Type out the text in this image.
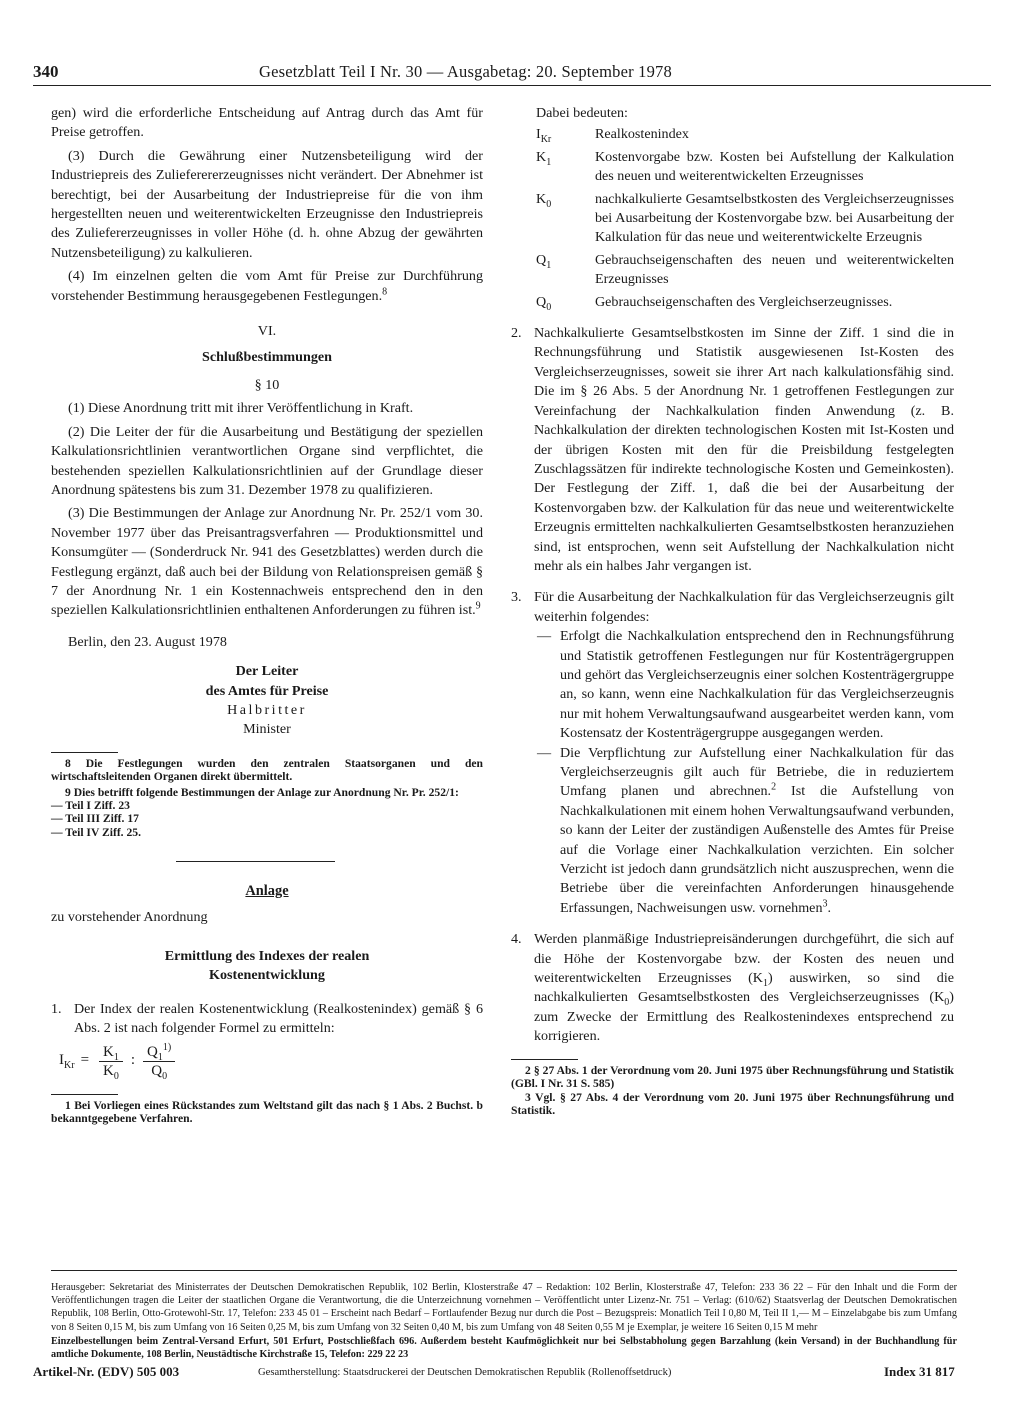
340	Gesetzblatt Teil I Nr. 30 — Ausgabetag: 20. September 1978

gen) wird die erforderliche Entscheidung auf Antrag durch das Amt für Preise getroffen.

(3) Durch die Gewährung einer Nutzensbeteiligung wird der Industriepreis des Zulieferererzeugnisses nicht verändert. Der Abnehmer ist berechtigt, bei der Ausarbeitung der Industriepreise für die von ihm hergestellten neuen und weiterentwickelten Erzeugnisse den Industriepreis des Zuliefererzeugnisses in voller Höhe (d. h. ohne Abzug der gewährten Nutzensbeteiligung) zu kalkulieren.

(4) Im einzelnen gelten die vom Amt für Preise zur Durchführung vorstehender Bestimmung herausgegebenen Festlegungen.$^8$

VI.

Schlußbestimmungen

§ 10

(1) Diese Anordnung tritt mit ihrer Veröffentlichung in Kraft.

(2) Die Leiter der für die Ausarbeitung und Bestätigung der speziellen Kalkulationsrichtlinien verantwortlichen Organe sind verpflichtet, die bestehenden speziellen Kalkulationsrichtlinien auf der Grundlage dieser Anordnung spätestens bis zum 31. Dezember 1978 zu qualifizieren.

(3) Die Bestimmungen der Anlage zur Anordnung Nr. Pr. 252/1 vom 30. November 1977 über das Preisantragsverfahren — Produktionsmittel und Konsumgüter — (Sonderdruck Nr. 941 des Gesetzblattes) werden durch die Festlegung ergänzt, daß auch bei der Bildung von Relationspreisen gemäß § 7 der Anordnung Nr. 1 ein Kostennachweis entsprechend den in den speziellen Kalkulationsrichtlinien enthaltenen Anforderungen zu führen ist.$^9$

Berlin, den 23. August 1978

Der Leiter

des Amtes für Preise

Halbritter

Minister

8 Die Festlegungen wurden den zentralen Staatsorganen und den wirtschaftsleitenden Organen direkt übermittelt.

9 Dies betrifft folgende Bestimmungen der Anlage zur Anordnung Nr. Pr. 252/1:

— Teil I Ziff. 23

— Teil III Ziff. 17

— Teil IV Ziff. 25.

Anlage

zu vorstehender Anordnung

Ermittlung des Indexes der realen Kostenentwicklung

1. Der Index der realen Kostenentwicklung (Realkostenindex) gemäß § 6 Abs. 2 ist nach folgender Formel zu ermitteln:

$I_{Kr} = \frac{K_1}{K_0}$ : $\frac{Q_1^{1)}}{Q_0}$

1 Bei Vorliegen eines Rückstandes zum Weltstand gilt das nach § 1 Abs. 2 Buchst. b bekanntgegebene Verfahren.

Dabei bedeuten:

$I_{Kr}$	Realkostenindex
$K_1$	Kostenvorgabe bzw. Kosten bei Aufstellung der Kalkulation des neuen und weiterentwickelten Erzeugnisses
$K_0$	nachkalkulierte Gesamtselbstkosten des Vergleichserzeugnisses bei Ausarbeitung der Kostenvorgabe bzw. bei Ausarbeitung der Kalkulation für das neue und weiterentwickelte Erzeugnis
$Q_1$	Gebrauchseigenschaften des neuen und weiterentwickelten Erzeugnisses
$Q_0$	Gebrauchseigenschaften des Vergleichserzeugnisses.
2. Nachkalkulierte Gesamtselbstkosten im Sinne der Ziff. 1 sind die in Rechnungsführung und Statistik ausgewiesenen Ist-Kosten des Vergleichserzeugnisses, soweit sie ihrer Art nach kalkulationsfähig sind. Die im § 26 Abs. 5 der Anordnung Nr. 1 getroffenen Festlegungen zur Vereinfachung der Nachkalkulation finden Anwendung (z. B. Nachkalkulation der direkten technologischen Kosten mit Ist-Kosten und der übrigen Kosten mit den für die Preisbildung festgelegten Zuschlagssätzen für indirekte technologische Kosten und Gemeinkosten). Der Festlegung der Ziff. 1, daß die bei der Ausarbeitung der Kostenvorgaben bzw. der Kalkulation für das neue und weiterentwickelte Erzeugnis ermittelten nachkalkulierten Gesamtselbstkosten heranzuziehen sind, ist entsprochen, wenn seit Aufstellung der Nachkalkulation nicht mehr als ein halbes Jahr vergangen ist.

3. Für die Ausarbeitung der Nachkalkulation für das Vergleichserzeugnis gilt weiterhin folgendes:

— Erfolgt die Nachkalkulation entsprechend den in Rechnungsführung und Statistik getroffenen Festlegungen nur für Kostenträgergruppen und gehört das Vergleichserzeugnis einer solchen Kostenträgergruppe an, so kann, wenn eine Nachkalkulation für das Vergleichserzeugnis nur mit hohem Verwaltungsaufwand ausgearbeitet werden kann, vom Kostensatz der Kostenträgergruppe ausgegangen werden.

— Die Verpflichtung zur Aufstellung einer Nachkalkulation für das Vergleichserzeugnis gilt auch für Betriebe, die in reduziertem Umfang planen und abrechnen.$^2$ Ist die Aufstellung von Nachkalkulationen mit einem hohen Verwaltungsaufwand verbunden, so kann der Leiter der zuständigen Außenstelle des Amtes für Preise auf die Vorlage einer Nachkalkulation verzichten. Ein solcher Verzicht ist jedoch dann grundsätzlich nicht auszusprechen, wenn die Betriebe über die vereinfachten Anforderungen hinausgehende Erfassungen, Nachweisungen usw. vornehmen$^3$.

4. Werden planmäßige Industriepreisänderungen durchgeführt, die sich auf die Höhe der Kostenvorgabe bzw. der Kosten des neuen und weiterentwickelten Erzeugnisses $(K_1)$ auswirken, so sind die nachkalkulierten Gesamtselbstkosten des Vergleichserzeugnisses $(K_0)$ zum Zwecke der Ermittlung des Realkostenindexes entsprechend zu korrigieren.

2 § 27 Abs. 1 der Verordnung vom 20. Juni 1975 über Rechnungsführung und Statistik (GBl. I Nr. 31 S. 585)

3 Vgl. § 27 Abs. 4 der Verordnung vom 20. Juni 1975 über Rechnungsführung und Statistik.

Herausgeber: Sekretariat des Ministerrates der Deutschen Demokratischen Republik, 102 Berlin, Klosterstraße 47 – Redaktion: 102 Berlin, Klosterstraße 47, Telefon: 233 36 22 – Für den Inhalt und die Form der Veröffentlichungen tragen die Leiter der staatlichen Organe die Verantwortung, die die Unterzeichnung vornehmen – Veröffentlicht unter Lizenz-Nr. 751 – Verlag: (610/62) Staatsverlag der Deutschen Demokratischen Republik, 108 Berlin, Otto-Grotewohl-Str. 17, Telefon: 233 45 01 – Erscheint nach Bedarf – Fortlaufender Bezug nur durch die Post – Bezugspreis: Monatlich Teil I 0,80 M, Teil II 1,— M – Einzelabgabe bis zum Umfang von 8 Seiten 0,15 M, bis zum Umfang von 16 Seiten 0,25 M, bis zum Umfang von 32 Seiten 0,40 M, bis zum Umfang von 48 Seiten 0,55 M je Exemplar, je weitere 16 Seiten 0,15 M mehr

Einzelbestellungen beim Zentral-Versand Erfurt, 501 Erfurt, Postschließfach 696. Außerdem besteht Kaufmöglichkeit nur bei Selbstabholung gegen Barzahlung (kein Versand) in der Buchhandlung für amtliche Dokumente, 108 Berlin, Neustädtische Kirchstraße 15, Telefon: 229 22 23

Artikel-Nr. (EDV) 505 003	Gesamtherstellung: Staatsdruckerei der Deutschen Demokratischen Republik (Rollenoffsetdruck)	Index 31 817
